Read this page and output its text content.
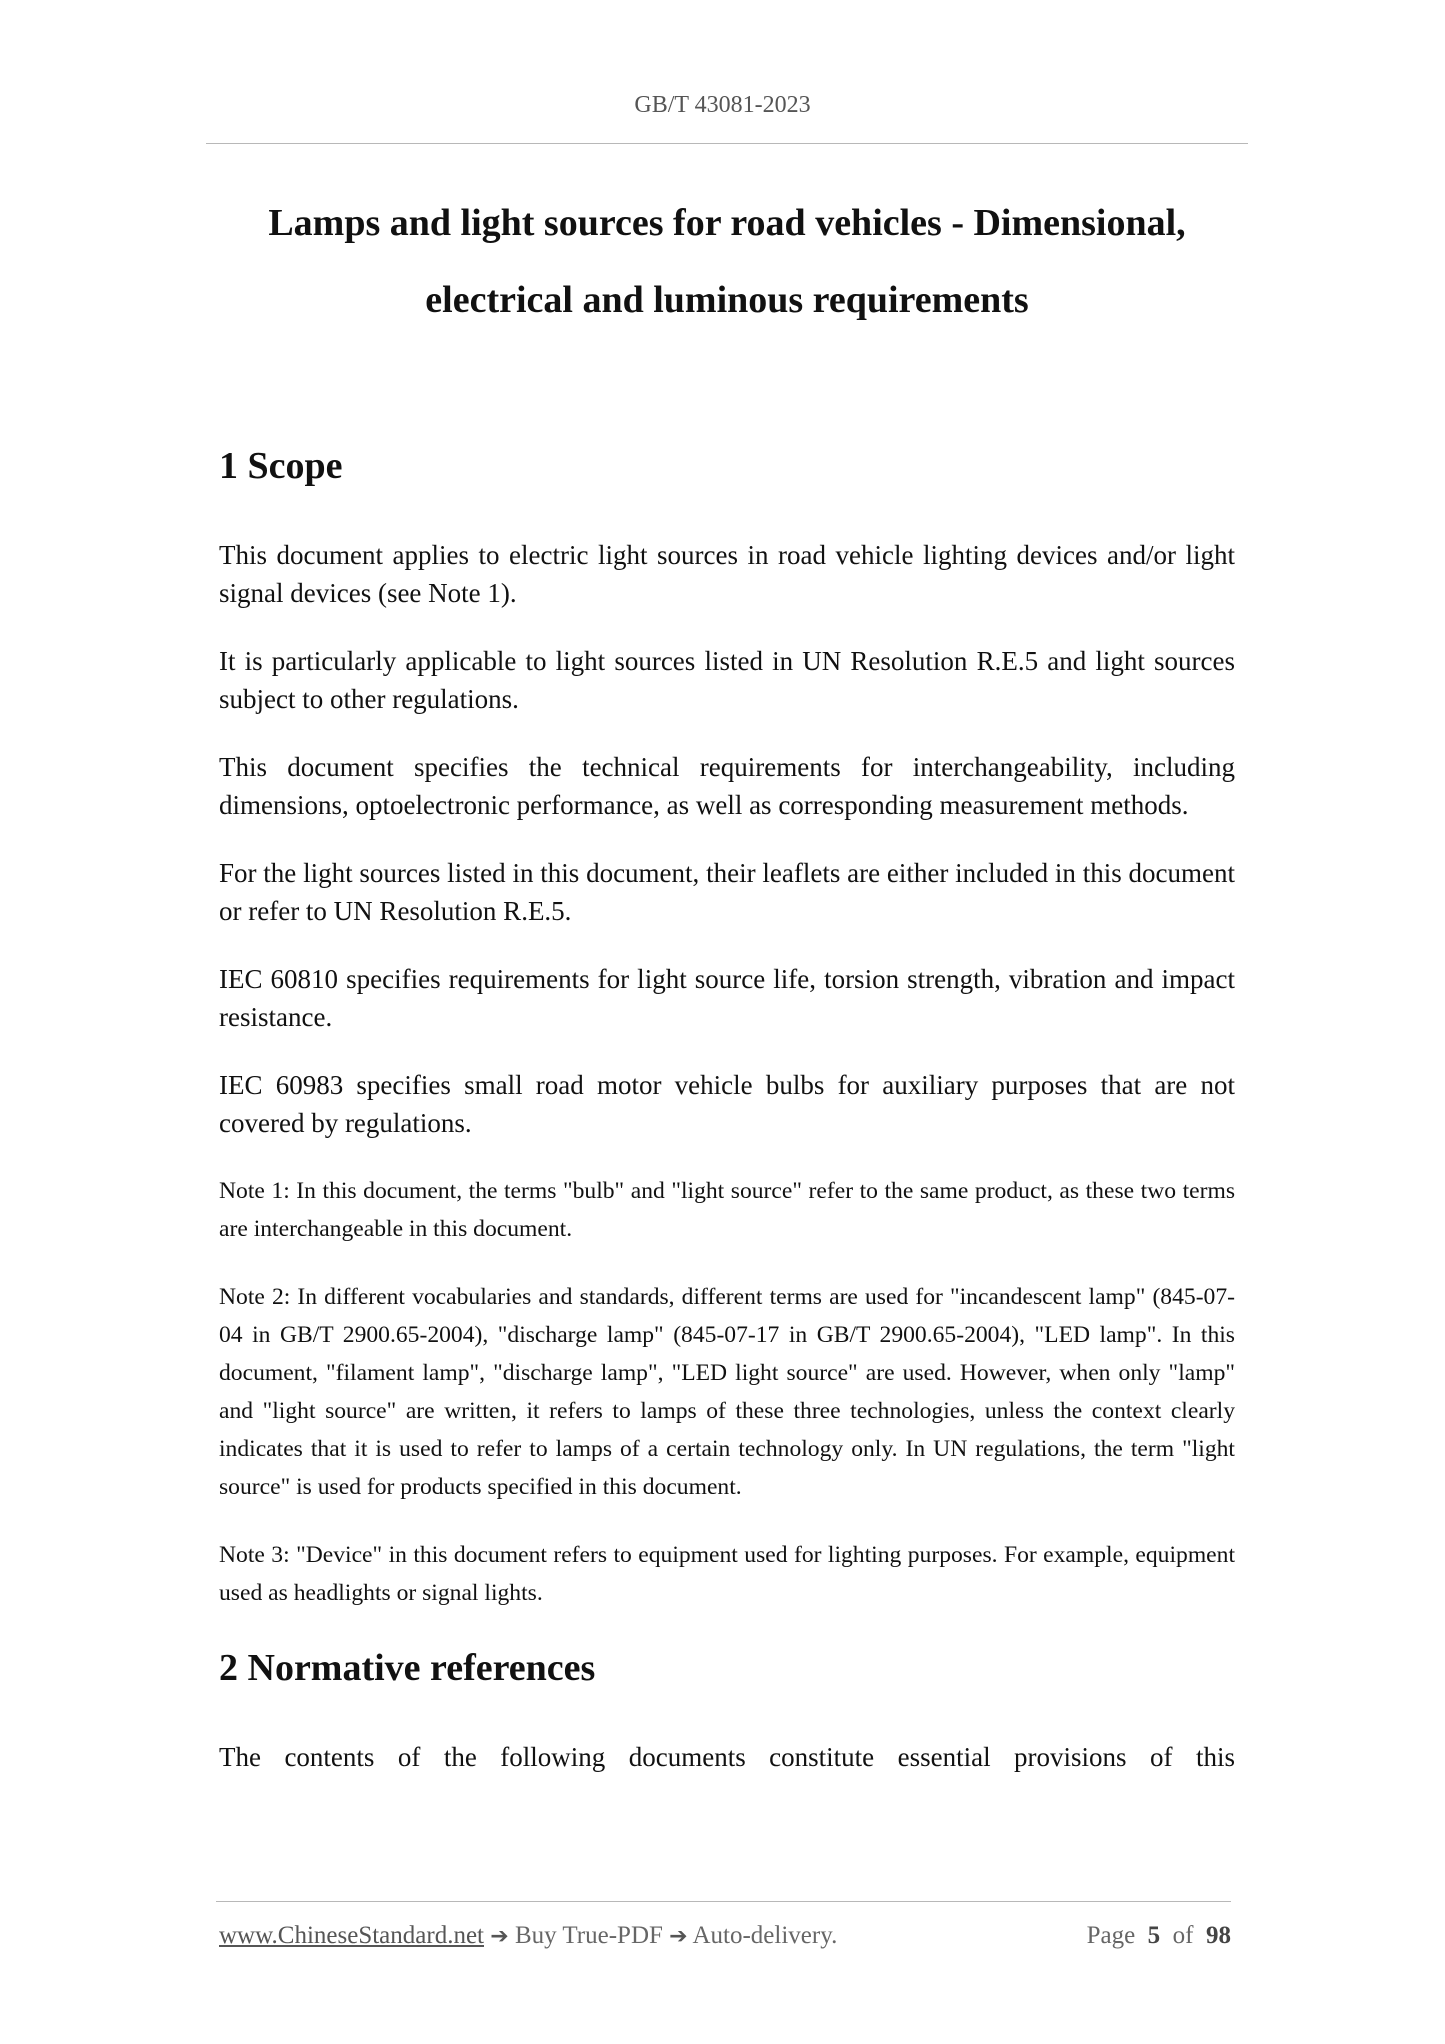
GB/T 43081-2023
Lamps and light sources for road vehicles - Dimensional,
electrical and luminous requirements
1 Scope

This document applies to electric light sources in road vehicle lighting devices and/or light signal devices (see Note 1).

It is particularly applicable to light sources listed in UN Resolution R.E.5 and light sources subject to other regulations.

This document specifies the technical requirements for interchangeability, including dimensions, optoelectronic performance, as well as corresponding measurement methods.

For the light sources listed in this document, their leaflets are either included in this document or refer to UN Resolution R.E.5.

IEC 60810 specifies requirements for light source life, torsion strength, vibration and impact resistance.

IEC 60983 specifies small road motor vehicle bulbs for auxiliary purposes that are not covered by regulations.

Note 1: In this document, the terms "bulb" and "light source" refer to the same product, as these two terms are interchangeable in this document.

Note 2: In different vocabularies and standards, different terms are used for "incandescent lamp" (845-07-04 in GB/T 2900.65-2004), "discharge lamp" (845-07-17 in GB/T 2900.65-2004), "LED lamp". In this document, "filament lamp", "discharge lamp", "LED light source" are used. However, when only "lamp" and "light source" are written, it refers to lamps of these three technologies, unless the context clearly indicates that it is used to refer to lamps of a certain technology only. In UN regulations, the term "light source" is used for products specified in this document.

Note 3: "Device" in this document refers to equipment used for lighting purposes. For example, equipment used as headlights or signal lights.

2 Normative references

The contents of the following documents constitute essential provisions of this

www.ChineseStandard.net ➔ Buy True-PDF ➔ Auto-delivery.	Page 5 of 98
